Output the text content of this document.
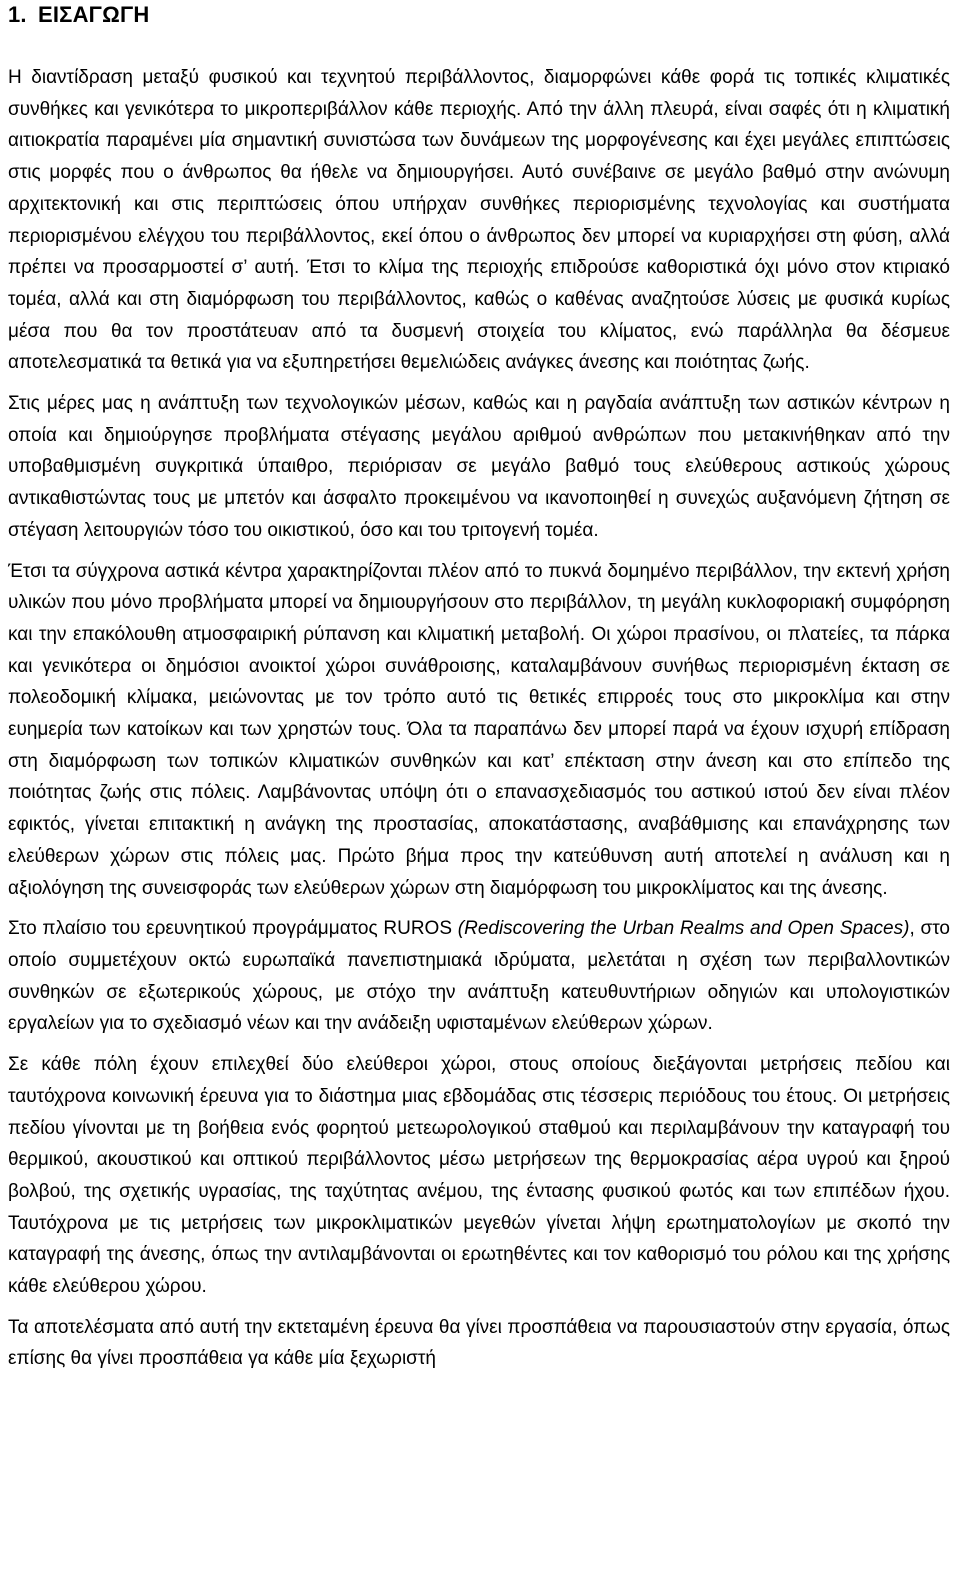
1. ΕΙΣΑΓΩΓΗ

Η διαντίδραση μεταξύ φυσικού και τεχνητού περιβάλλοντος, διαμορφώνει κάθε φορά τις τοπικές κλιματικές συνθήκες και γενικότερα το μικροπεριβάλλον κάθε περιοχής. Από την άλλη πλευρά, είναι σαφές ότι η κλιματική αιτιοκρατία παραμένει μία σημαντική συνιστώσα των δυνάμεων της μορφογένεσης και έχει μεγάλες επιπτώσεις στις μορφές που ο άνθρωπος θα ήθελε να δημιουργήσει. Αυτό συνέβαινε σε μεγάλο βαθμό στην ανώνυμη αρχιτεκτονική και στις περιπτώσεις όπου υπήρχαν συνθήκες περιορισμένης τεχνολογίας και συστήματα περιορισμένου ελέγχου του περιβάλλοντος, εκεί όπου ο άνθρωπος δεν μπορεί να κυριαρχήσει στη φύση, αλλά πρέπει να προσαρμοστεί σ’ αυτή. Έτσι το κλίμα της περιοχής επιδρούσε καθοριστικά όχι μόνο στον κτιριακό τομέα, αλλά και στη διαμόρφωση του περιβάλλοντος, καθώς ο καθένας αναζητούσε λύσεις με φυσικά κυρίως μέσα που θα τον προστάτευαν από τα δυσμενή στοιχεία του κλίματος, ενώ παράλληλα θα δέσμευε αποτελεσματικά τα θετικά για να εξυπηρετήσει θεμελιώδεις ανάγκες άνεσης και ποιότητας ζωής.

Στις μέρες μας η ανάπτυξη των τεχνολογικών μέσων, καθώς και η ραγδαία ανάπτυξη των αστικών κέντρων η οποία και δημιούργησε προβλήματα στέγασης μεγάλου αριθμού ανθρώπων που μετακινήθηκαν από την υποβαθμισμένη συγκριτικά ύπαιθρο, περιόρισαν σε μεγάλο βαθμό τους ελεύθερους αστικούς χώρους αντικαθιστώντας τους με μπετόν και άσφαλτο προκειμένου να ικανοποιηθεί η συνεχώς αυξανόμενη ζήτηση σε στέγαση λειτουργιών τόσο του οικιστικού, όσο και του τριτογενή τομέα.

Έτσι τα σύγχρονα αστικά κέντρα χαρακτηρίζονται πλέον από το πυκνά δομημένο περιβάλλον, την εκτενή χρήση υλικών που μόνο προβλήματα μπορεί να δημιουργήσουν στο περιβάλλον, τη μεγάλη κυκλοφοριακή συμφόρηση και την επακόλουθη ατμοσφαιρική ρύπανση και κλιματική μεταβολή. Οι χώροι πρασίνου, οι πλατείες, τα πάρκα και γενικότερα οι δημόσιοι ανοικτοί χώροι συνάθροισης, καταλαμβάνουν συνήθως περιορισμένη έκταση σε πολεοδομική κλίμακα, μειώνοντας με τον τρόπο αυτό τις θετικές επιρροές τους στο μικροκλίμα και στην ευημερία των κατοίκων και των χρηστών τους. Όλα τα παραπάνω δεν μπορεί παρά να έχουν ισχυρή επίδραση στη διαμόρφωση των τοπικών κλιματικών συνθηκών και κατ’ επέκταση στην άνεση και στο επίπεδο της ποιότητας ζωής στις πόλεις. Λαμβάνοντας υπόψη ότι ο επανασχεδιασμός του αστικού ιστού δεν είναι πλέον εφικτός, γίνεται επιτακτική η ανάγκη της προστασίας, αποκατάστασης, αναβάθμισης και επανάχρησης των ελεύθερων χώρων στις πόλεις μας. Πρώτο βήμα προς την κατεύθυνση αυτή αποτελεί η ανάλυση και η αξιολόγηση της συνεισφοράς των ελεύθερων χώρων στη διαμόρφωση του μικροκλίματος και της άνεσης.

Στο πλαίσιο του ερευνητικού προγράμματος RUROS (Rediscovering the Urban Realms and Open Spaces), στο οποίο συμμετέχουν οκτώ ευρωπαϊκά πανεπιστημιακά ιδρύματα, μελετάται η σχέση των περιβαλλοντικών συνθηκών σε εξωτερικούς χώρους, με στόχο την ανάπτυξη κατευθυντήριων οδηγιών και υπολογιστικών εργαλείων για το σχεδιασμό νέων και την ανάδειξη υφισταμένων ελεύθερων χώρων.

Σε κάθε πόλη έχουν επιλεχθεί δύο ελεύθεροι χώροι, στους οποίους διεξάγονται μετρήσεις πεδίου και ταυτόχρονα κοινωνική έρευνα για το διάστημα μιας εβδομάδας στις τέσσερις περιόδους του έτους. Οι μετρήσεις πεδίου γίνονται με τη βοήθεια ενός φορητού μετεωρολογικού σταθμού και περιλαμβάνουν την καταγραφή του θερμικού, ακουστικού και οπτικού περιβάλλοντος μέσω μετρήσεων της θερμοκρασίας αέρα υγρού και ξηρού βολβού, της σχετικής υγρασίας, της ταχύτητας ανέμου, της έντασης φυσικού φωτός και των επιπέδων ήχου. Ταυτόχρονα με τις μετρήσεις των μικροκλιματικών μεγεθών γίνεται λήψη ερωτηματολογίων με σκοπό την καταγραφή της άνεσης, όπως την αντιλαμβάνονται οι ερωτηθέντες και τον καθορισμό του ρόλου και της χρήσης κάθε ελεύθερου χώρου.

Τα αποτελέσματα από αυτή την εκτεταμένη έρευνα θα γίνει προσπάθεια να παρουσιαστούν στην εργασία, όπως επίσης θα γίνει προσπάθεια γα κάθε μία ξεχωριστή
